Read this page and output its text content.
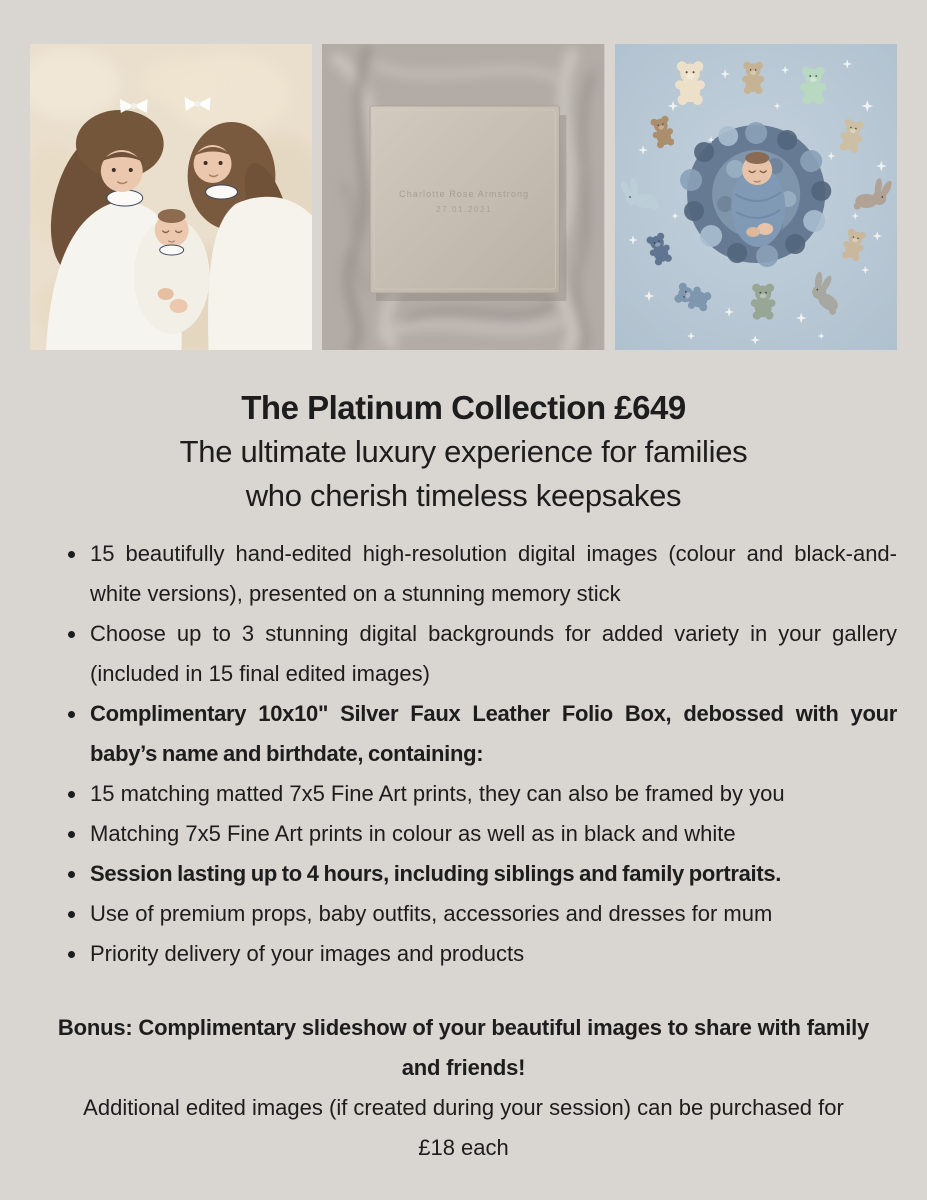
Charlotte Rose Armstrong
27.01.2021
The Platinum Collection £649

The ultimate luxury experience for families

who cherish timeless keepsakes

15 beautifully hand-edited high-resolution digital images (colour and black-and-white versions), presented on a stunning memory stick
Choose up to 3 stunning digital backgrounds for added variety in your gallery (included in 15 final edited images)
Complimentary 10x10" Silver Faux Leather Folio Box, debossed with your baby’s name and birthdate, containing:
15 matching matted 7x5 Fine Art prints, they can also be framed by you
Matching 7x5 Fine Art prints in colour as well as in black and white
Session lasting up to 4 hours, including siblings and family portraits.
Use of premium props, baby outfits, accessories and dresses for mum
Priority delivery of your images and products

Bonus: Complimentary slideshow of your beautiful images to share with family and friends!

Additional edited images (if created during your session) can be purchased for £18 each
